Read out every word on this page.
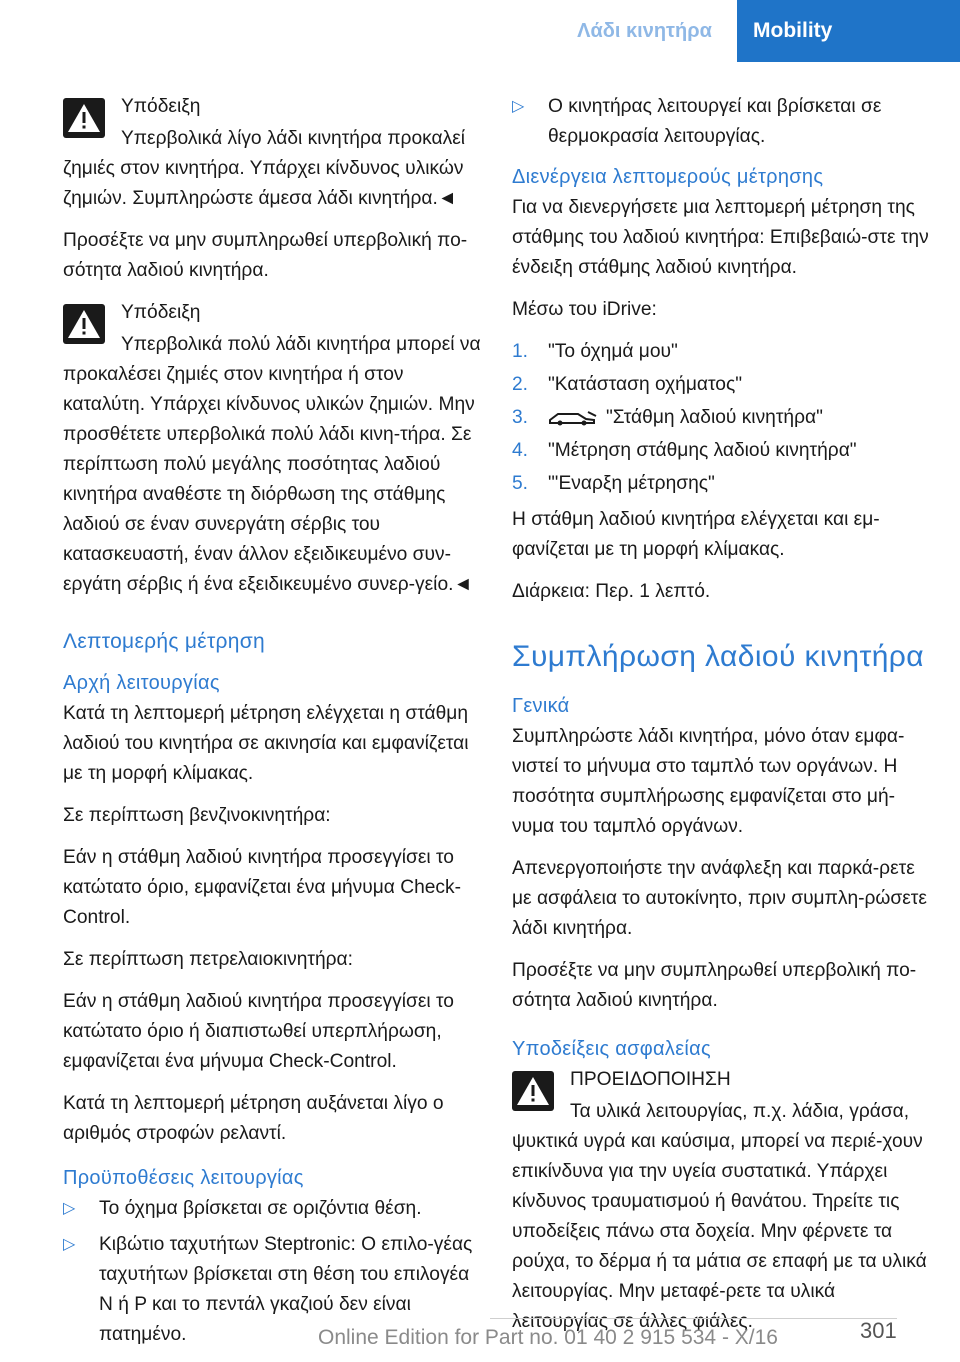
Λάδι κινητήρα	Mobility

Υπόδειξη

Υπερβολικά λίγο λάδι κινητήρα προκαλεί ζημιές στον κινητήρα. Υπάρχει κίνδυνος υλικών ζημιών. Συμπληρώστε άμεσα λάδι κινητήρα.◄

Προσέξτε να μην συμπληρωθεί υπερβολική πο-σότητα λαδιού κινητήρα.

Υπόδειξη

Υπερβολικά πολύ λάδι κινητήρα μπορεί να προκαλέσει ζημιές στον κινητήρα ή στον καταλύτη. Υπάρχει κίνδυνος υλικών ζημιών. Μην προσθέτετε υπερβολικά πολύ λάδι κινη-τήρα. Σε περίπτωση πολύ μεγάλης ποσότητας λαδιού κινητήρα αναθέστε τη διόρθωση της στάθμης λαδιού σε έναν συνεργάτη σέρβις του κατασκευαστή, έναν άλλον εξειδικευμένο συν-εργάτη σέρβις ή ένα εξειδικευμένο συνερ-γείο.◄

Λεπτομερής μέτρηση
Αρχή λειτουργίας

Κατά τη λεπτομερή μέτρηση ελέγχεται η στάθμη λαδιού του κινητήρα σε ακινησία και εμφανίζεται με τη μορφή κλίμακας.

Σε περίπτωση βενζινοκινητήρα:

Εάν η στάθμη λαδιού κινητήρα προσεγγίσει το κατώτατο όριο, εμφανίζεται ένα μήνυμα Check-Control.

Σε περίπτωση πετρελαιοκινητήρα:

Εάν η στάθμη λαδιού κινητήρα προσεγγίσει το κατώτατο όριο ή διαπιστωθεί υπερπλήρωση, εμφανίζεται ένα μήνυμα Check-Control.

Κατά τη λεπτομερή μέτρηση αυξάνεται λίγο ο αριθμός στροφών ρελαντί.

Προϋποθέσεις λειτουργίας
▷	Το όχημα βρίσκεται σε οριζόντια θέση.
▷	Κιβώτιο ταχυτήτων Steptronic: Ο επιλο-γέας ταχυτήτων βρίσκεται στη θέση του επιλογέα N ή P και το πεντάλ γκαζιού δεν είναι πατημένο.
▷	Ο κινητήρας λειτουργεί και βρίσκεται σε θερμοκρασία λειτουργίας.
Διενέργεια λεπτομερούς μέτρησης

Για να διενεργήσετε μια λεπτομερή μέτρηση της στάθμης του λαδιού κινητήρα: Επιβεβαιώ-στε την ένδειξη στάθμης λαδιού κινητήρα.

Μέσω του iDrive:

1.	"Το όχημά μου"
2.	"Κατάσταση οχήματος"
3.	"Στάθμη λαδιού κινητήρα"
4.	"Μέτρηση στάθμης λαδιού κινητήρα"
5.	"'Εναρξη μέτρησης"

Η στάθμη λαδιού κινητήρα ελέγχεται και εμ-φανίζεται με τη μορφή κλίμακας.

Διάρκεια: Περ. 1 λεπτό.

Συμπλήρωση λαδιού κινητήρα
Γενικά

Συμπληρώστε λάδι κινητήρα, μόνο όταν εμφα-νιστεί το μήνυμα στο ταμπλό των οργάνων. Η ποσότητα συμπλήρωσης εμφανίζεται στο μή-νυμα του ταμπλό οργάνων.

Απενεργοποιήστε την ανάφλεξη και παρκά-ρετε με ασφάλεια το αυτοκίνητο, πριν συμπλη-ρώσετε λάδι κινητήρα.

Προσέξτε να μην συμπληρωθεί υπερβολική πο-σότητα λαδιού κινητήρα.

Υποδείξεις ασφαλείας

ΠΡΟΕΙΔΟΠΟΙΗΣΗ

Τα υλικά λειτουργίας, π.χ. λάδια, γράσα, ψυκτικά υγρά και καύσιμα, μπορεί να περιέ-χουν επικίνδυνα για την υγεία συστατικά. Υπάρχει κίνδυνος τραυματισμού ή θανάτου. Τηρείτε τις υποδείξεις πάνω στα δοχεία. Μην φέρνετε τα ρούχα, το δέρμα ή τα μάτια σε επαφή με τα υλικά λειτουργίας. Μην μεταφέ-ρετε τα υλικά λειτουργίας σε άλλες φιάλες.	301
Online Edition for Part no. 01 40 2 915 534 - X/16
